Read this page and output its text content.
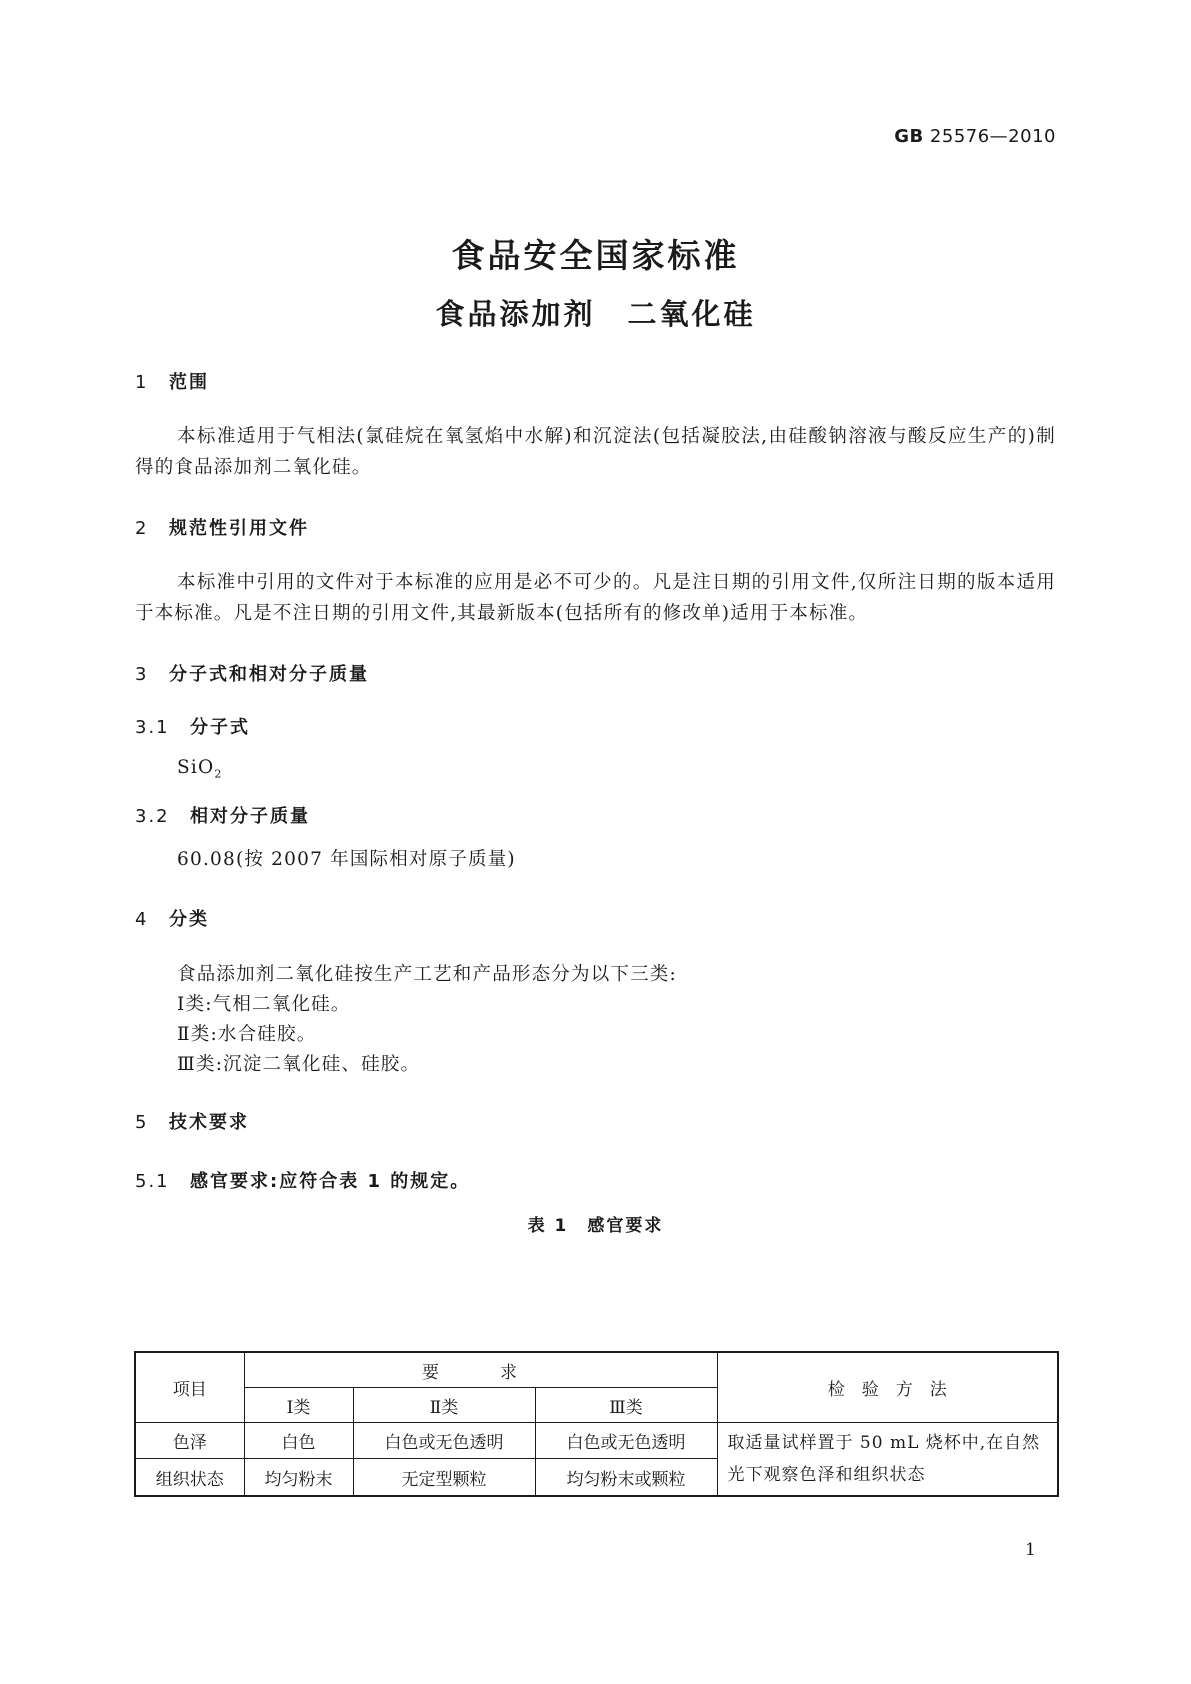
GB 25576—2010
食品安全国家标准
食品添加剂　二氧化硅
1 范围
本标准适用于气相法(氯硅烷在氧氢焰中水解)和沉淀法(包括凝胶法,由硅酸钠溶液与酸反应生产的)制得的食品添加剂二氧化硅。
2 规范性引用文件
本标准中引用的文件对于本标准的应用是必不可少的。凡是注日期的引用文件,仅所注日期的版本适用于本标准。凡是不注日期的引用文件,其最新版本(包括所有的修改单)适用于本标准。
3 分子式和相对分子质量
3.1 分子式
SiO$_2$
3.2 相对分子质量
60.08(按 2007 年国际相对原子质量)
4 分类
食品添加剂二氧化硅按生产工艺和产品形态分为以下三类:
Ⅰ类:气相二氧化硅。
Ⅱ类:水合硅胶。
Ⅲ类:沉淀二氧化硅、硅胶。
5 技术要求
5.1 感官要求:应符合表 1 的规定。
表 1　感官要求
项目	要　求			检　验　方　法
	Ⅰ类	Ⅱ类	Ⅲ类	
色泽	白色	白色或无色透明	白色或无色透明	取适量试样置于 50 mL 烧杯中,在自然光下观察色泽和组织状态
组织状态	均匀粉末	无定型颗粒	均匀粉末或颗粒	
1
